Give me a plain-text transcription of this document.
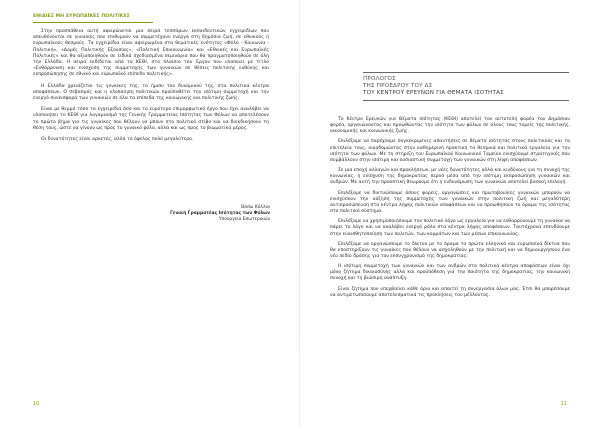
ΕΝΙΑΙΕΣ ΜΗ ΕΥΡΩΠΑΪΚΕΣ ΠΟΛΙΤΙΚΕΣ

Στην προσπάθεια αυτή αφιερώνεται μια σειρά τεσσάρων εκπαιδευτικών εγχειριδίων που απευθύνονται σε γυναίκες που επιθυμούν να συμμετέχουν ενεργά στη δημόσια ζωή, σε εθνικούς ή ευρωπαϊκούς θεσμούς. Τα εγχειρίδια είναι αφιερωμένα στα θεματικές ενότητες «Φύλο - Κοινωνία - Πολιτική», «Δομές Πολιτικής Εξουσίας», «Πολιτική Επικοινωνία» και «Εθνικές και Ευρωπαϊκές Πολιτικές» και θα αξιοποιηθούν σε ειδικά σχεδιασμένα σεμινάρια που θα πραγματοποιηθούν σε όλη την Ελλάδα. Η σειρά εκδίδεται από το ΚΕΘΙ, στο πλαίσιο του Έργου που υλοποιεί με τίτλο «Ενθάρρυνση και ενίσχυση της συμμετοχής των γυναικών σε θέσεις πολιτικής ευθύνης και εκπροσώπησης σε εθνικό και ευρωπαϊκό επίπεδο πολιτικής».

Η Ελλάδα χρειάζεται τις γυναίκες της, το ήμισυ του δυναμικού της, στα πολιτικά κέντρα αποφάσεων. Ο σεβασμός και η υλοποίηση πολιτικών προϋποθέτει την ισότιμη συμμετοχή και την ενεργό συνεισφορά των γυναικών σε όλα τα επίπεδα της κοινωνικής και πολιτικής ζωής.

Είναι με θερμό τόσο τα εγχειρίδια όσο και το ευρύτερο επιμορφωτικό έργο που έχει αναλάβει να υλοποιήσει το ΚΕΘΙ για λογαριασμό της Γενικής Γραμματείας Ισότητας των Φύλων να αποτελέσουν το πρώτο βήμα για τις γυναίκες που θέλουν να μπουν στο πολιτικό στίβο και να διεκδικήσουν τη θέση τους, ώστε να γίνουν ως προς το γυναικό φύλο, αλλά και ως προς το βιωματικό μέρος.

Οι δυνατότητες είναι αρκετές, αλλά το όφελος πολύ μεγαλύτερο.

Βάσω Κόλλια
Γενική Γραμματέας Ισότητας των Φύλων
Υπουργείο Εσωτερικών
10
ΠΡΟΛΟΓΟΣ
ΤΗΣ ΠΡΟΕΔΡΟΥ ΤΟΥ ΔΣ
ΤΟΥ ΚΕΝΤΡΟΥ ΕΡΕΥΝΩΝ ΓΙΑ ΘΕΜΑΤΑ ΙΣΟΤΗΤΑΣ

Το Κέντρο Ερευνών για Θέματα Ισότητας (ΚΕΘΙ) αποτελεί τον αυτοτελή φορέα του Δημόσιου φορέα, οργανώνοντας και προωθώντας την ισότητα των φύλων σε όλους τους τομείς της πολιτικής, οικονομικής και κοινωνικής ζωής.

Επιλέξαμε να παρέχουμε συγκεκριμένες απαντήσεις σε θέματα ισότητας στους πολιτικούς και τα επιτελεία τους, οικοδομώντας στην καθημερινή πρακτική τα θεσμικά και πολιτικά εργαλεία για την ισότητα των φύλων. Με τη στήριξη του Ευρωπαϊκού Κοινωνικού Ταμείου ενισχύουμε στρατηγικές που συμβάλλουν στην ισότιμη και ουσιαστική συμμετοχή των γυναικών στη λήψη αποφάσεων.

Σε μια εποχή αλλαγών και προκλήσεων, με νέες δυνατότητες αλλά και κινδύνους για τη συνοχή της κοινωνίας, η ενίσχυση της δημοκρατίας περνά μέσα από την ισότιμη εκπροσώπηση γυναικών και ανδρών. Με αυτή την προοπτική θεωρούμε ότι η ενδυνάμωση των γυναικών αποτελεί βασική επιλογή.

Επιλέξαμε να δικτυώσουμε όσους φορείς, οργανώσεις και πρωτοβουλίες γυναικών μπορούν να ενισχύσουν την αύξηση της συμμετοχής των γυναικών στην πολιτική ζωή και μεγαλύτερη αντιπροσώπευση στα κέντρα λήψης πολιτικών αποφάσεων και να προωθήσουν το όραμα της ισότητας στο πολιτικό σύστημα.

Επιλέξαμε να χρησιμοποιήσουμε τον πολιτικό λόγο ως εργαλείο για να ενθαρρύνουμε τη γυναίκα να πάρει το λόγο και να αναλάβει ενεργό ρόλο στα κέντρα λήψης αποφάσεων. Ταυτόχρονα επενδύουμε στην ευαισθητοποίηση των πολιτών, των κομμάτων και των μέσων επικοινωνίας.

Επιλέξαμε να οργανώσουμε το δίκτυο με το όραμα τα πρώτα ελληνικά και ευρωπαϊκά δίκτυα που θα υποστηρίξουν τις γυναίκες που θέλουν να ασχοληθούν με την πολιτική και να δημιουργήσουν ένα νέο πεδίο δράσης για τον εκσυγχρονισμό της δημοκρατίας.

Η ισότιμη συμμετοχή των γυναικών και των ανδρών στα πολιτικά κέντρα αποφάσεων είναι όχι μόνο ζήτημα δικαιοσύνης αλλά και προϋπόθεση για την ποιότητα της δημοκρατίας, την κοινωνική συνοχή και τη βιώσιμη ανάπτυξη.

Είναι ζήτημα που υπερβαίνει κάθε όριο και απαιτεί τη συνεργασία όλων μας. Έτσι θα μπορέσουμε να αντιμετωπίσουμε αποτελεσματικά τις προκλήσεις του μέλλοντος.

11
